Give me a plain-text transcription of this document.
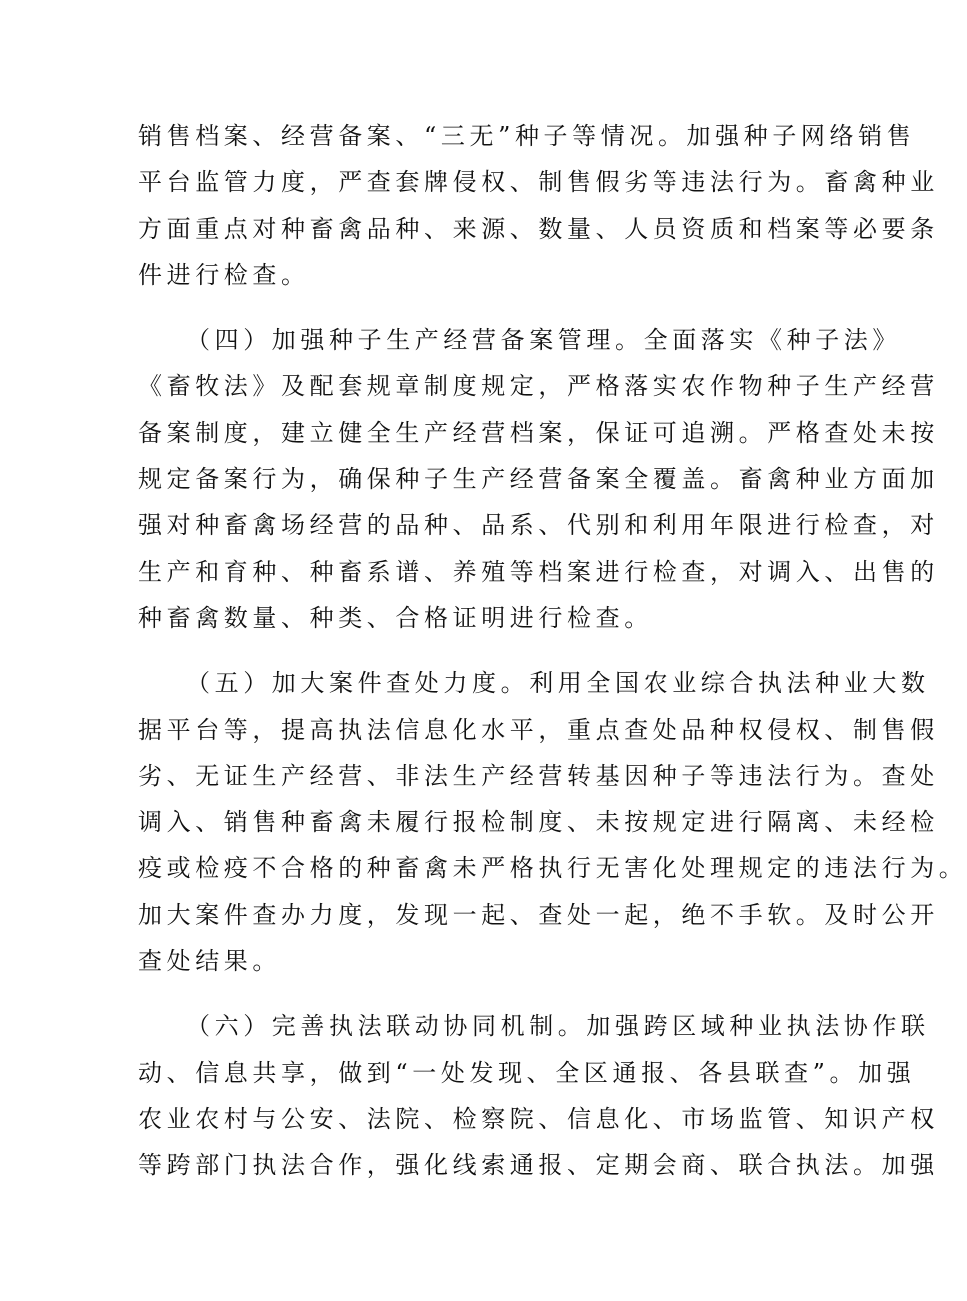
销售档案、经营备案、“三无”种子等情况。加强种子网络销售
平台监管力度，严查套牌侵权、制售假劣等违法行为。畜禽种业
方面重点对种畜禽品种、来源、数量、人员资质和档案等必要条
件进行检查。
（四）加强种子生产经营备案管理。全面落实《种子法》
《畜牧法》及配套规章制度规定，严格落实农作物种子生产经营
备案制度，建立健全生产经营档案，保证可追溯。严格查处未按
规定备案行为，确保种子生产经营备案全覆盖。畜禽种业方面加
强对种畜禽场经营的品种、品系、代别和利用年限进行检查，对
生产和育种、种畜系谱、养殖等档案进行检查，对调入、出售的
种畜禽数量、种类、合格证明进行检查。
（五）加大案件查处力度。利用全国农业综合执法种业大数
据平台等，提高执法信息化水平，重点查处品种权侵权、制售假
劣、无证生产经营、非法生产经营转基因种子等违法行为。查处
调入、销售种畜禽未履行报检制度、未按规定进行隔离、未经检
疫或检疫不合格的种畜禽未严格执行无害化处理规定的违法行为。
加大案件查办力度，发现一起、查处一起，绝不手软。及时公开
查处结果。
（六）完善执法联动协同机制。加强跨区域种业执法协作联
动、信息共享，做到“一处发现、全区通报、各县联查”。加强
农业农村与公安、法院、检察院、信息化、市场监管、知识产权
等跨部门执法合作，强化线索通报、定期会商、联合执法。加强
